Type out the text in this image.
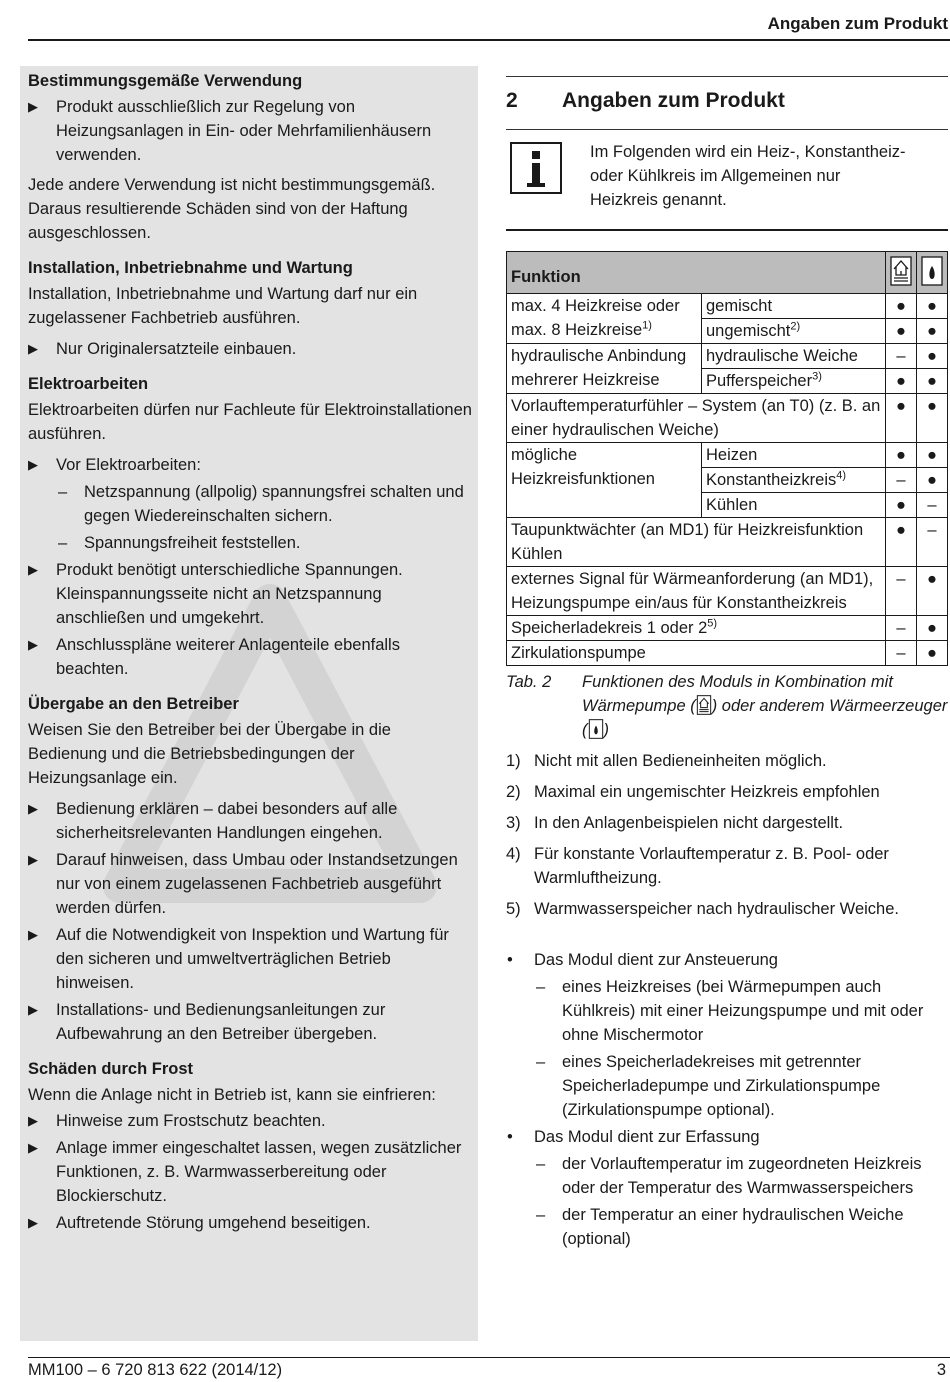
Angaben zum Produkt
Bestimmungsgemäße Verwendung
▶ Produkt ausschließlich zur Regelung von Heizungsanlagen in Ein- oder Mehrfamilienhäusern verwenden.

Jede andere Verwendung ist nicht bestimmungsgemäß. Daraus resultierende Schäden sind von der Haftung ausgeschlossen.

Installation, Inbetriebnahme und Wartung

Installation, Inbetriebnahme und Wartung darf nur ein zugelassener Fachbetrieb ausführen.

▶ Nur Originalersatzteile einbauen.
Elektroarbeiten

Elektroarbeiten dürfen nur Fachleute für Elektroinstallationen ausführen.

▶ Vor Elektroarbeiten:
– Netzspannung (allpolig) spannungsfrei schalten und gegen Wiedereinschalten sichern.
– Spannungsfreiheit feststellen.
▶ Produkt benötigt unterschiedliche Spannungen. Kleinspannungsseite nicht an Netzspannung anschließen und umgekehrt.
▶ Anschlusspläne weiterer Anlagenteile ebenfalls beachten.
Übergabe an den Betreiber

Weisen Sie den Betreiber bei der Übergabe in die Bedienung und die Betriebsbedingungen der Heizungsanlage ein.

▶ Bedienung erklären – dabei besonders auf alle sicherheitsrelevanten Handlungen eingehen.
▶ Darauf hinweisen, dass Umbau oder Instandsetzungen nur von einem zugelassenen Fachbetrieb ausgeführt werden dürfen.
▶ Auf die Notwendigkeit von Inspektion und Wartung für den sicheren und umweltverträglichen Betrieb hinweisen.
▶ Installations- und Bedienungsanleitungen zur Aufbewahrung an den Betreiber übergeben.
Schäden durch Frost

Wenn die Anlage nicht in Betrieb ist, kann sie einfrieren:

▶ Hinweise zum Frostschutz beachten.
▶ Anlage immer eingeschaltet lassen, wegen zusätzlicher Funktionen, z. B. Warmwasserbereitung oder Blockierschutz.
▶ Auftretende Störung umgehend beseitigen.
2	Angaben zum Produkt
Im Folgenden wird ein Heiz-, Konstantheiz- oder Kühlkreis im Allgemeinen nur Heizkreis genannt.
Funktion		
max. 4 Heizkreise oder max. 8 Heizkreise$^{1)}$	gemischt	●	●
	ungemischt$^{2)}$	●	●
hydraulische Anbindung mehrerer Heizkreise	hydraulische Weiche	–	●
	Pufferspeicher$^{3)}$	●	●
Vorlauftemperaturfühler – System (an T0) (z. B. an einer hydraulischen Weiche)		●	●
mögliche Heizkreisfunktionen	Heizen	●	●
	Konstantheizkreis$^{4)}$	–	●
	Kühlen	●	–
Taupunktwächter (an MD1) für Heizkreisfunktion Kühlen		●	–
externes Signal für Wärmeanforderung (an MD1), Heizungspumpe ein/aus für Konstantheizkreis		–	●
Speicherladekreis 1 oder 2$^{5)}$		–	●
Zirkulationspumpe		–	●
Tab. 2	Funktionen des Moduls in Kombination mit Wärmepumpe ( ) oder anderem Wärmeerzeuger ( )
1) Nicht mit allen Bedieneinheiten möglich.
2) Maximal ein ungemischter Heizkreis empfohlen
3) In den Anlagenbeispielen nicht dargestellt.
4) Für konstante Vorlauftemperatur z. B. Pool- oder Warmluftheizung.
5) Warmwasserspeicher nach hydraulischer Weiche.
• Das Modul dient zur Ansteuerung
– eines Heizkreises (bei Wärmepumpen auch Kühlkreis) mit einer Heizungspumpe und mit oder ohne Mischermotor
– eines Speicherladekreises mit getrennter Speicherladepumpe und Zirkulationspumpe (Zirkulationspumpe optional).
• Das Modul dient zur Erfassung
– der Vorlauftemperatur im zugeordneten Heizkreis oder der Temperatur des Warmwasserspeichers
– der Temperatur an einer hydraulischen Weiche (optional)
MM100 – 6 720 813 622 (2014/12)	3
